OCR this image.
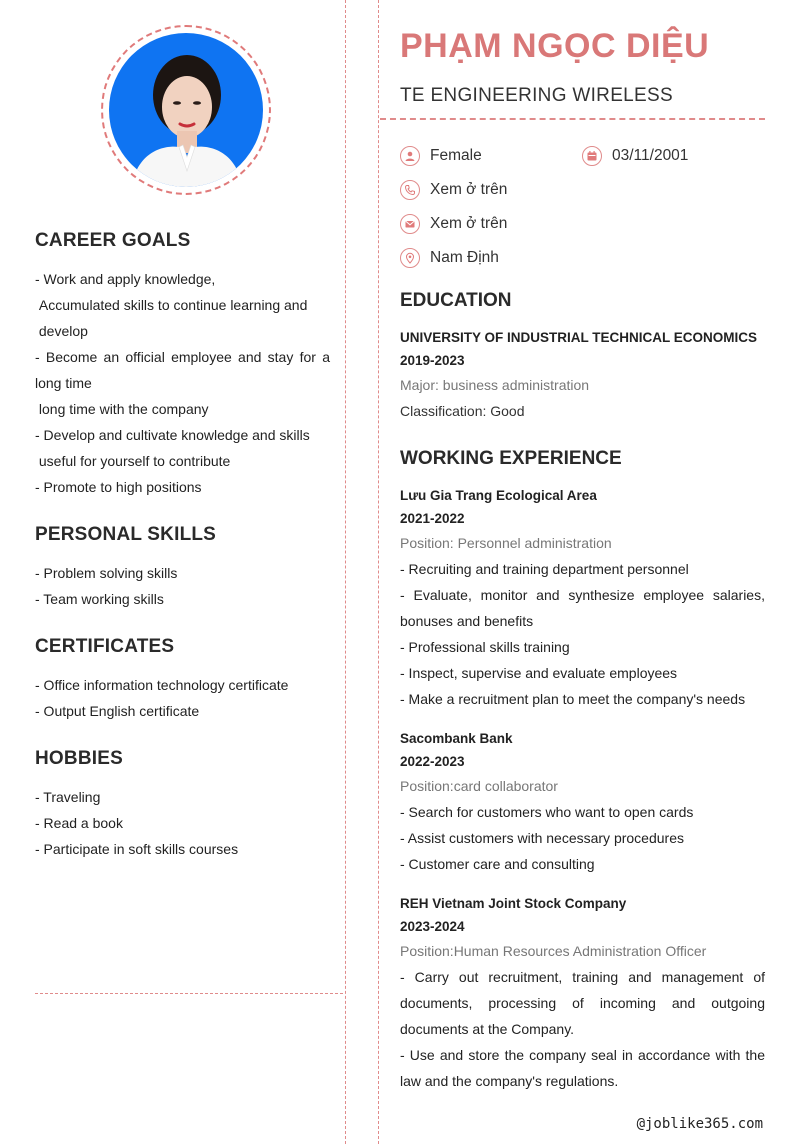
CAREER GOALS
- Work and apply knowledge,
Accumulated skills to continue learning and
develop
- Become an official employee and stay for a long time
long time with the company
- Develop and cultivate knowledge and skills
useful for yourself to contribute
- Promote to high positions
PERSONAL SKILLS
- Problem solving skills
- Team working skills
CERTIFICATES
- Office information technology certificate
- Output English certificate
HOBBIES
- Traveling
- Read a book
- Participate in soft skills courses
PHẠM NGỌC DIỆU
TE ENGINEERING WIRELESS
Female	03/11/2001
Xem ở trên
Xem ở trên
Nam Định
EDUCATION
UNIVERSITY OF INDUSTRIAL TECHNICAL ECONOMICS
2019-2023
Major: business administration
Classification: Good
WORKING EXPERIENCE
Lưu Gia Trang Ecological Area
2021-2022
Position: Personnel administration
- Recruiting and training department personnel
- Evaluate, monitor and synthesize employee salaries, bonuses and benefits
- Professional skills training
- Inspect, supervise and evaluate employees
- Make a recruitment plan to meet the company's needs
Sacombank Bank
2022-2023
Position:card collaborator
- Search for customers who want to open cards
- Assist customers with necessary procedures
- Customer care and consulting
REH Vietnam Joint Stock Company
2023-2024
Position:Human Resources Administration Officer
- Carry out recruitment, training and management of documents, processing of incoming and outgoing documents at the Company.
- Use and store the company seal in accordance with the law and the company's regulations.
@joblike365.com
